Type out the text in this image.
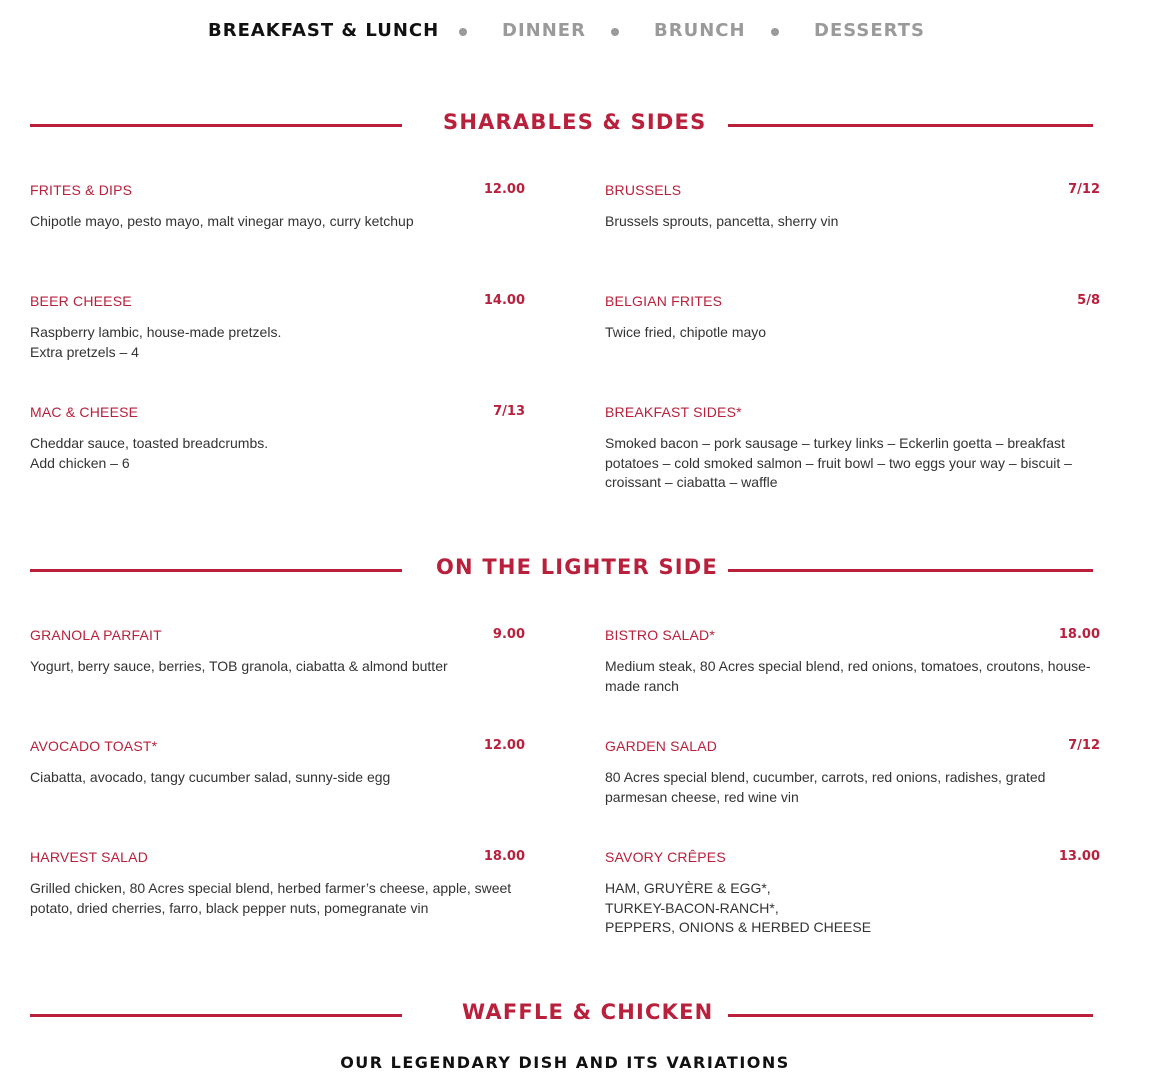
BREAKFAST & LUNCH	DINNER	BRUNCH	DESSERTS
SHARABLES & SIDES
FRITES & DIPS	12.00
Chipotle mayo, pesto mayo, malt vinegar mayo, curry ketchup
BRUSSELS	7/12
Brussels sprouts, pancetta, sherry vin
BEER CHEESE	14.00
Raspberry lambic, house-made pretzels.
Extra pretzels – 4
BELGIAN FRITES	5/8
Twice fried, chipotle mayo
MAC & CHEESE	7/13
Cheddar sauce, toasted breadcrumbs.
Add chicken – 6
BREAKFAST SIDES*
Smoked bacon – pork sausage – turkey links – Eckerlin goetta – breakfast
potatoes – cold smoked salmon – fruit bowl – two eggs your way – biscuit –
croissant – ciabatta – waffle
ON THE LIGHTER SIDE
GRANOLA PARFAIT	9.00
Yogurt, berry sauce, berries, TOB granola, ciabatta & almond butter
BISTRO SALAD*	18.00
Medium steak, 80 Acres special blend, red onions, tomatoes, croutons, house-
made ranch
AVOCADO TOAST*	12.00
Ciabatta, avocado, tangy cucumber salad, sunny-side egg
GARDEN SALAD	7/12
80 Acres special blend, cucumber, carrots, red onions, radishes, grated
parmesan cheese, red wine vin
HARVEST SALAD	18.00
Grilled chicken, 80 Acres special blend, herbed farmer’s cheese, apple, sweet
potato, dried cherries, farro, black pepper nuts, pomegranate vin
SAVORY CRÊPES	13.00
HAM, GRUYÈRE & EGG*,
TURKEY-BACON-RANCH*,
PEPPERS, ONIONS & HERBED CHEESE
WAFFLE & CHICKEN
OUR LEGENDARY DISH AND ITS VARIATIONS
